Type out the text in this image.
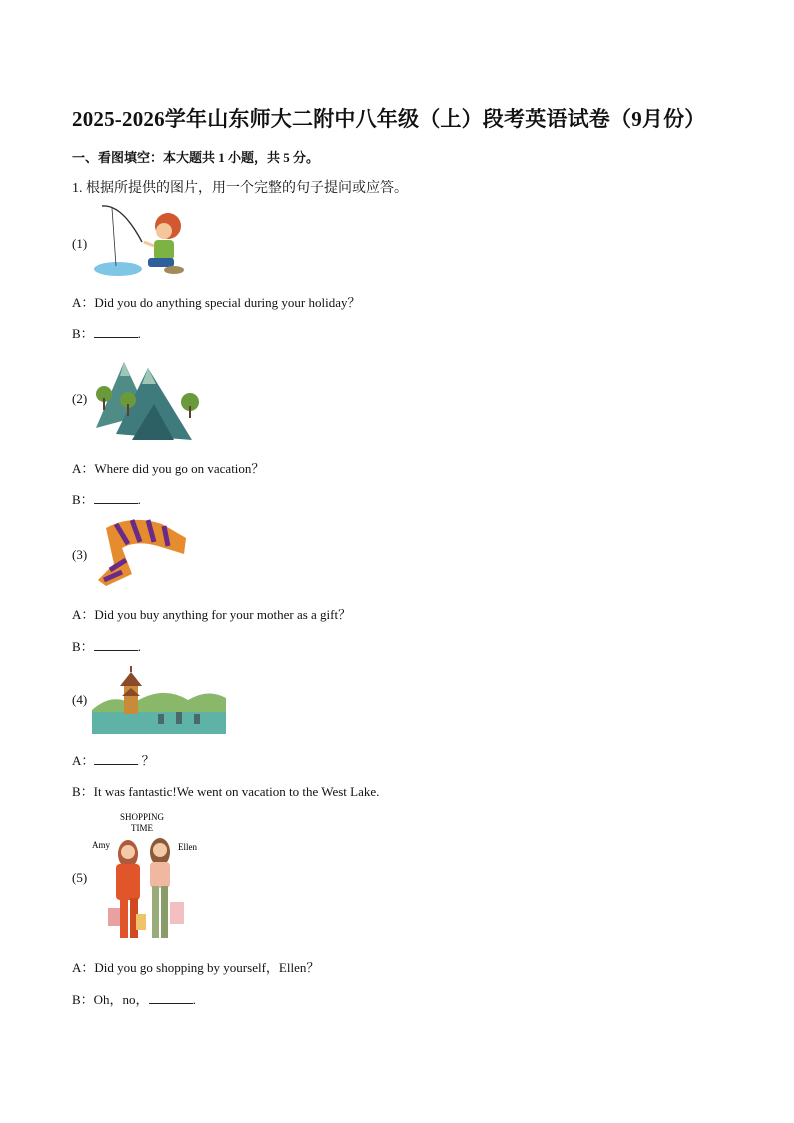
2025-2026学年山东师大二附中八年级（上）段考英语试卷（9月份）
一、看图填空：本大题共 1 小题，共 5 分。
1. 根据所提供的图片，用一个完整的句子提问或应答。
(1)
A：Did you do anything special during your holiday？
B：	.
(2)
A：Where did you go on vacation？
B：	.
(3)
A：Did you buy anything for your mother as a gift？
B：	.
(4)
A：	？
B：It was fantastic!We went on vacation to the West Lake.
(5)
SHOPPING
TIME
Amy	Ellen
A：Did you go shopping by yourself，Ellen？
B：Oh，no，	.
